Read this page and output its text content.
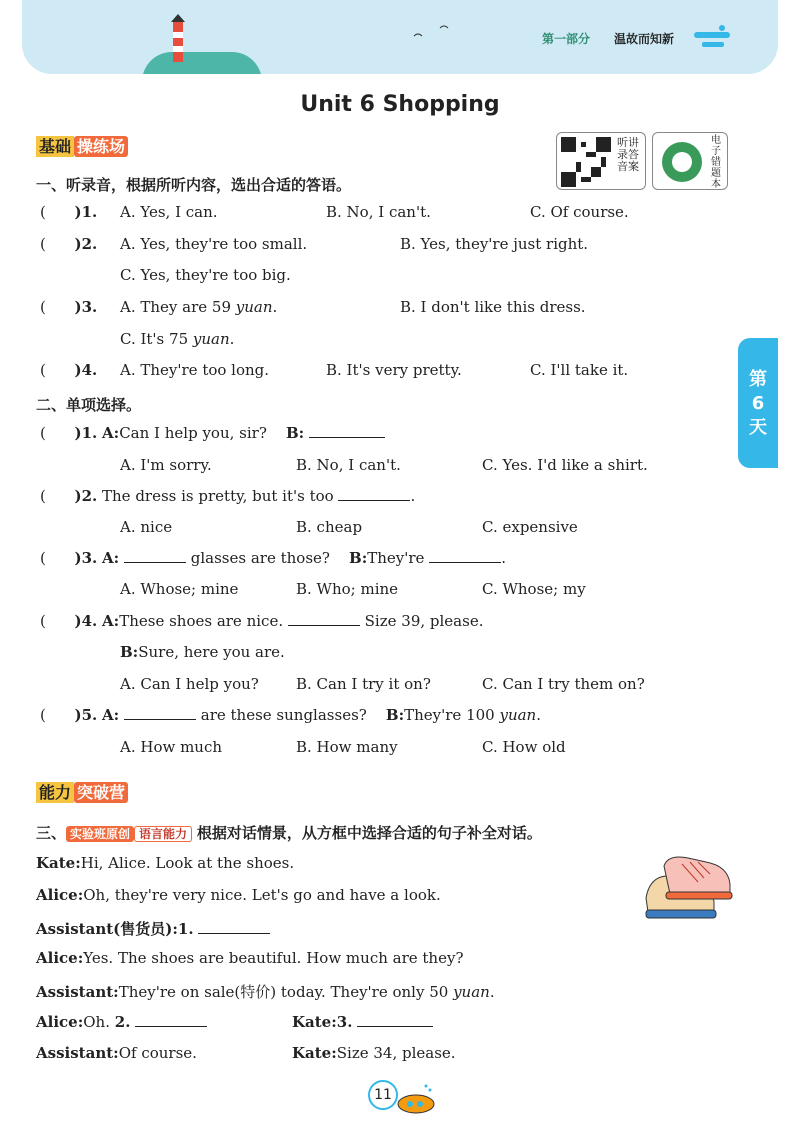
第一部分 温故而知新
Unit 6 Shopping
基础 操练场	听讲录答音案
电子错题本
第
6
天
一、听录音，根据所听内容，选出合适的答语。
(      )1. A. Yes, I can.	B. No, I can't.	C. Of course.
(      )2. A. Yes, they're too small.	B. Yes, they're just right.
C. Yes, they're too big.
(      )3. A. They are 59 yuan.	B. I don't like this dress.
C. It's 75 yuan.
(      )4. A. They're too long.	B. It's very pretty.	C. I'll take it.
二、单项选择。
(      )1. A:Can I help you, sir? B:
A. I'm sorry.	B. No, I can't.	C. Yes. I'd like a shirt.
(      )2. The dress is pretty, but it's too	.
A. nice	B. cheap	C. expensive
(      )3. A:	glasses are those? B:They're	.
A. Whose; mine	B. Who; mine	C. Whose; my
(      )4. A:These shoes are nice.	Size 39, please.
B:Sure, here you are.
A. Can I help you? B. Can I try it on?	C. Can I try them on?
(      )5. A:	are these sunglasses? B:They're 100 yuan.
A. How much	B. How many	C. How old
能力 突破营
三、 实验班原创 语言能力 根据对话情景，从方框中选择合适的句子补全对话。
Kate:Hi, Alice. Look at the shoes.
Alice:Oh, they're very nice. Let's go and have a look.
Assistant(售货员):1.
Alice:Yes. The shoes are beautiful. How much are they?
Assistant:They're on sale(特价) today. They're only 50 yuan.
Alice:Oh. 2.	Kate:3.
Assistant:Of course.	Kate:Size 34, please.
11
